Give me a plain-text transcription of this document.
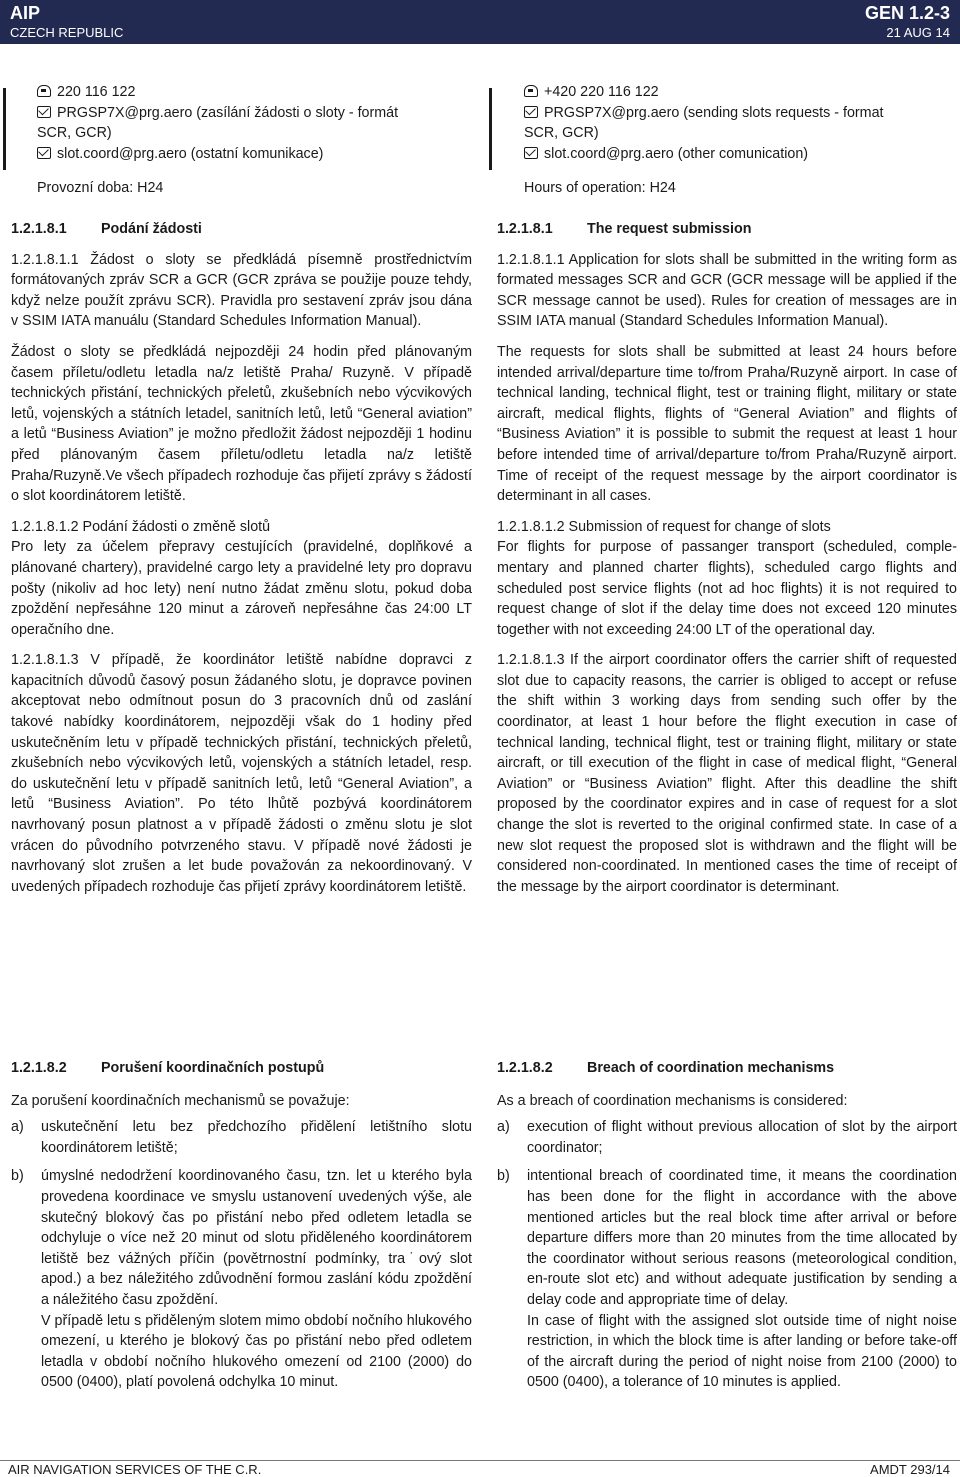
AIP
CZECH REPUBLIC
GEN 1.2-3
21 AUG 14
220 116 122
PRGSP7X@prg.aero (zasílání žádosti o sloty - formát
SCR, GCR)
slot.coord@prg.aero (ostatní komunikace)
Provozní doba: H24
+420 220 116 122
PRGSP7X@prg.aero (sending slots requests - format
SCR, GCR)
slot.coord@prg.aero (other comunication)
Hours of operation: H24
1.2.1.8.1	Podání žádosti

1.2.1.8.1.1 Žádost o sloty se předkládá písemně prostřednictvím formátovaných zpráv SCR a GCR (GCR zpráva se použije pouze tehdy, když nelze použít zprávu SCR). Pravidla pro sestavení zpráv jsou dána v SSIM IATA manuálu (Standard Schedules Information Manual).

Žádost o sloty se předkládá nejpozději 24 hodin před plánovaným časem příletu/odletu letadla na/z letiště Praha/ Ruzyně. V případě technických přistání, technických přeletů, zkušebních nebo výcvikových letů, vojenských a státních letadel, sanitních letů, letů “General aviation” a letů “Business Aviation” je možno předložit žádost nejpozději 1 hodinu před plánovaným časem příletu/odletu letadla na/z letiště Praha/Ruzyně.Ve všech případech rozhoduje čas přijetí zprávy s žádostí o slot koordinátorem letiště.

1.2.1.8.1.2 Podání žádosti o změně slotů

Pro lety za účelem přepravy cestujících (pravidelné, doplňkové a plánované chartery), pravidelné cargo lety a pravidelné lety pro dopravu pošty (nikoliv ad hoc lety) není nutno žádat změnu slotu, pokud doba zpoždění nepřesáhne 120 minut a zároveň nepřesáhne čas 24:00 LT operačního dne.

1.2.1.8.1.3 V případě, že koordinátor letiště nabídne dopravci z kapacitních důvodů časový posun žádaného slotu, je dopravce povinen akceptovat nebo odmítnout posun do 3 pracovních dnů od zaslání takové nabídky koordinátorem, nejpozději však do 1 hodiny před uskutečněním letu v případě technických přistání, technických přeletů, zkušebních nebo výcvikových letů, vojenských a státních letadel, resp. do uskutečnění letu v případě sanitních letů, letů “General Aviation”, a letů “Business Aviation”. Po této lhůtě pozbývá koordinátorem navrhovaný posun platnost a v případě žádosti o změnu slotu je slot vrácen do původního potvrzeného stavu. V případě nové žádosti je navrhovaný slot zrušen a let bude považován za nekoordinovaný. V uvedených případech rozhoduje čas přijetí zprávy koordinátorem letiště.

1.2.1.8.1	The request submission

1.2.1.8.1.1 Application for slots shall be submitted in the writing form as formated messages SCR and GCR (GCR message will be applied if the SCR message cannot be used). Rules for creation of messages are in SSIM IATA manual (Standard Schedules Information Manual).

The requests for slots shall be submitted at least 24 hours before intended arrival/departure time to/from Praha/Ruzyně airport. In case of technical landing, technical flight, test or training flight, military or state aircraft, medical flights, flights of “General Aviation” and flights of “Business Aviation” it is possible to submit the request at least 1 hour before intended time of arrival/departure to/from Praha/Ruzyně airport. Time of receipt of the request message by the airport coordinator is determinant in all cases.

1.2.1.8.1.2 Submission of request for change of slots

For flights for purpose of passanger transport (scheduled, comple-mentary and planned charter flights), scheduled cargo flights and scheduled post service flights (not ad hoc flights) it is not required to request change of slot if the delay time does not exceed 120 minutes together with not exceeding 24:00 LT of the operational day.

1.2.1.8.1.3 If the airport coordinator offers the carrier shift of requested slot due to capacity reasons, the carrier is obliged to accept or refuse the shift within 3 working days from sending such offer by the coordinator, at least 1 hour before the flight execution in case of technical landing, technical flight, test or training flight, military or state aircraft, or till execution of the flight in case of medical flight, “General Aviation” or “Business Aviation” flight. After this deadline the shift proposed by the coordinator expires and in case of request for a slot change the slot is reverted to the original confirmed state. In case of a new slot request the proposed slot is withdrawn and the flight will be considered non-coordinated. In mentioned cases the time of receipt of the message by the airport coordinator is determinant.

1.2.1.8.2	Porušení koordinačních postupů

Za porušení koordinačních mechanismů se považuje:

a)	uskutečnění letu bez předchozího přidělení letištního slotu koordinátorem letiště;
b)	úmyslné nedodržení koordinovaného času, tzn. let u kterého byla provedena koordinace ve smyslu ustanovení uvedených výše, ale skutečný blokový čas po přistání nebo před odletem letadla se odchyluje o více než 20 minut od slotu přiděleného koordinátorem letiště bez vážných příčin (povětrnostní podmínky, tra˙ový slot apod.) a bez náležitého zdůvodnění formou zaslání kódu zpoždění a náležitého času zpoždění.
V případě letu s přiděleným slotem mimo období nočního hlukového omezení, u kterého je blokový čas po přistání nebo před odletem letadla v období nočního hlukového omezení od 2100 (2000) do 0500 (0400), platí povolená odchylka 10 minut.
1.2.1.8.2	Breach of coordination mechanisms

As a breach of coordination mechanisms is considered:

a)	execution of flight without previous allocation of slot by the airport coordinator;
b)	intentional breach of coordinated time, it means the coordination has been done for the flight in accordance with the above mentioned articles but the real block time after arrival or before departure differs more than 20 minutes from the time allocated by the coordinator without serious reasons (meteorological condition, en-route slot etc) and without adequate justification by sending a delay code and appropriate time of delay.
In case of flight with the assigned slot outside time of night noise restriction, in which the block time is after landing or before take-off of the aircraft during the period of night noise from 2100 (2000) to 0500 (0400), a tolerance of 10 minutes is applied.
AIR NAVIGATION SERVICES OF THE C.R.	AMDT 293/14
